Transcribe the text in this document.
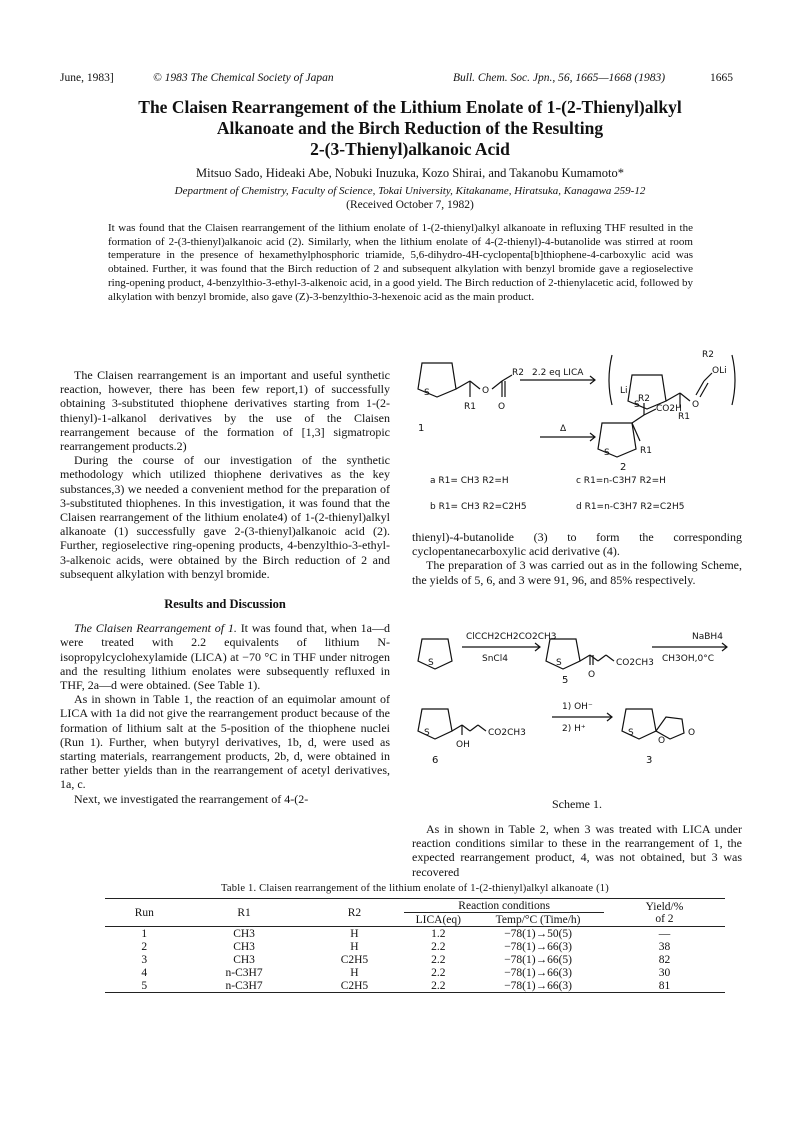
June, 1983]	© 1983 The Chemical Society of Japan	Bull. Chem. Soc. Jpn., 56, 1665—1668 (1983)	1665
The Claisen Rearrangement of the Lithium Enolate of 1-(2-Thienyl)alkyl
Alkanoate and the Birch Reduction of the Resulting
2-(3-Thienyl)alkanoic Acid
Mitsuo Sado, Hideaki Abe, Nobuki Inuzuka, Kozo Shirai, and Takanobu Kumamoto*
Department of Chemistry, Faculty of Science, Tokai University, Kitakaname, Hiratsuka, Kanagawa 259-12
(Received October 7, 1982)
It was found that the Claisen rearrangement of the lithium enolate of 1-(2-thienyl)alkyl alkanoate in refluxing THF resulted in the formation of 2-(3-thienyl)alkanoic acid (2). Similarly, when the lithium enolate of 4-(2-thienyl)-4-butanolide was stirred at room temperature in the presence of hexamethylphosphoric triamide, 5,6-dihydro-4H-cyclopenta[b]thiophene-4-carboxylic acid was obtained. Further, it was found that the Birch reduction of 2 and subsequent alkylation with benzyl bromide gave a regioselective ring-opening product, 4-benzylthio-3-ethyl-3-alkenoic acid, in a good yield. The Birch reduction of 2-thienylacetic acid, followed by alkylation with benzyl bromide, also gave (Z)-3-benzylthio-3-hexenoic acid as the main product.

The Claisen rearrangement is an important and useful synthetic reaction, however, there has been few report,1) of successfully obtaining 3-substituted thiophene derivatives starting from 1-(2-thienyl)-1-alkanol derivatives by the use of the Claisen rearrangement because of the formation of [1,3] sigmatropic rearrangement products.2)

During the course of our investigation of the synthetic methodology which utilized thiophene derivatives as the key substances,3) we needed a convenient method for the preparation of 3-substituted thiophenes. In this investigation, it was found that the Claisen rearrangement of the lithium enolate4) of 1-(2-thienyl)alkyl alkanoate (1) successfully gave 2-(3-thienyl)alkanoic acid (2). Further, regioselective ring-opening products, 4-benzylthio-3-ethyl-3-alkenoic acids, were obtained by the Birch reduction of 2 and subsequent alkylation with benzyl bromide.

Results and Discussion

The Claisen Rearrangement of 1. It was found that, when 1a—d were treated with 2.2 equivalents of lithium N-isopropylcyclohexylamide (LICA) at −70 °C in THF under nitrogen and the resulting lithium enolates were subsequently refluxed in THF, 2a—d were obtained. (See Table 1).

As in shown in Table 1, the reaction of an equimolar amount of LICA with 1a did not give the rearrangement product because of the formation of lithium salt at the 5-position of the thiophene nuclei (Run 1). Further, when butyryl derivatives, 1b, d, were used as starting materials, rearrangement products, 2b, d, were obtained in rather better yields than in the rearrangement of acetyl derivatives, 1a, c.

Next, we investigated the rearrangement of 4-(2-

S	O
R2
R1 O
1
2.2 eq LICA
Li
S
R2
OLi
O
R1
Δ
R2
CO2H
S	R1
2
a R1= CH3 R2=H	c R1=n-C3H7 R2=H
b R1= CH3 R2=C2H5	d R1=n-C3H7 R2=C2H5

thienyl)-4-butanolide (3) to form the corresponding cyclopentanecarboxylic acid derivative (4).

The preparation of 3 was carried out as in the following Scheme, the yields of 5, 6, and 3 were 91, 96, and 85% respectively.

S
ClCCH2CH2CO2CH3
SnCl4	S	CO2CH3
O
5
NaBH4
CH3OH,0°C
S	CO2CH3
OH
6
1) OH⁻
2) H⁺	S
O
O
3
Scheme 1.

As in shown in Table 2, when 3 was treated with LICA under reaction conditions similar to these in the rearrangement of 1, the expected rearrangement product, 4, was not obtained, but 3 was recovered

Table 1. Claisen rearrangement of the lithium enolate of 1-(2-thienyl)alkyl alkanoate (1)
Run	R1	R2	Reaction conditions		Yield/%
of 2
			LICA(eq)	Temp/°C (Time/h)	
1	CH3	H	1.2	−78(1)→50(5)	—
2	CH3	H	2.2	−78(1)→66(3)	38
3	CH3	C2H5	2.2	−78(1)→66(5)	82
4	n-C3H7	H	2.2	−78(1)→66(3)	30
5	n-C3H7	C2H5	2.2	−78(1)→66(3)	81
